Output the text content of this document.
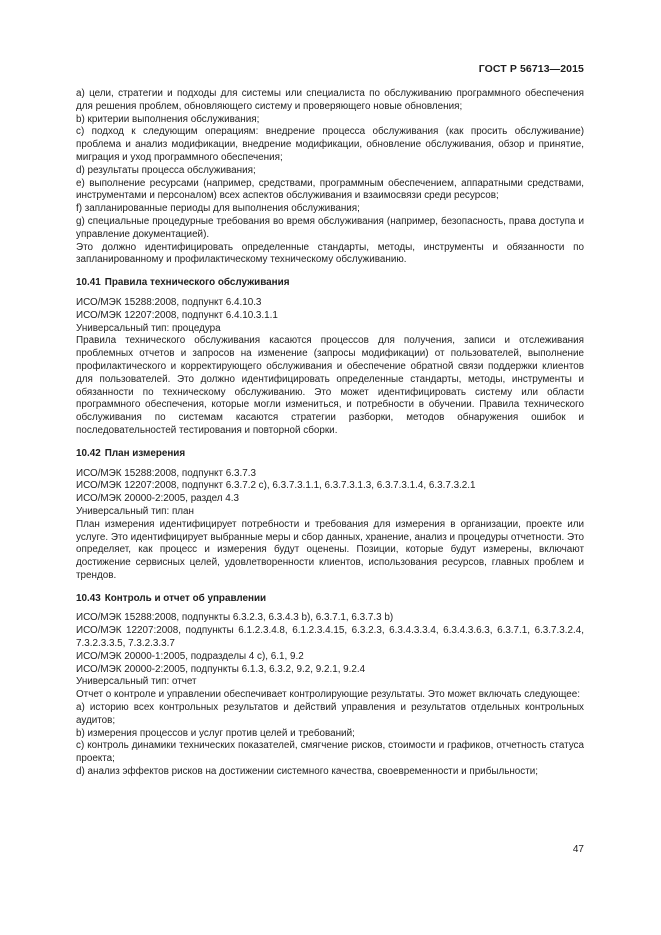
ГОСТ Р 56713—2015

а) цели, стратегии и подходы для системы или специалиста по обслуживанию программного обеспечения для решения проблем, обновляющего систему и проверяющего новые обновления;

b) критерии выполнения обслуживания;

c) подход к следующим операциям: внедрение процесса обслуживания (как просить обслуживание) проблема и анализ модификации, внедрение модификации, обновление обслуживания, обзор и принятие, миграция и уход программного обеспечения;

d) результаты процесса обслуживания;

e) выполнение ресурсами (например, средствами, программным обеспечением, аппаратными средствами, инструментами и персоналом) всех аспектов обслуживания и взаимосвязи среди ресурсов;

f) запланированные периоды для выполнения обслуживания;

g) специальные процедурные требования во время обслуживания (например, безопасность, права доступа и управление документацией).

Это должно идентифицировать определенные стандарты, методы, инструменты и обязанности по запланированному и профилактическому техническому обслуживанию.

10.41 Правила технического обслуживания

ИСО/МЭК 15288:2008, подпункт 6.4.10.3

ИСО/МЭК 12207:2008, подпункт 6.4.10.3.1.1

Универсальный тип: процедура

Правила технического обслуживания касаются процессов для получения, записи и отслеживания проблемных отчетов и запросов на изменение (запросы модификации) от пользователей, выполнение профилактического и корректирующего обслуживания и обеспечение обратной связи поддержки клиентов для пользователей. Это должно идентифицировать определенные стандарты, методы, инструменты и обязанности по техническому обслуживанию. Это может идентифицировать систему или области программного обеспечения, которые могли измениться, и потребности в обучении. Правила технического обслуживания по системам касаются стратегии разборки, методов обнаружения ошибок и последовательностей тестирования и повторной сборки.

10.42 План измерения

ИСО/МЭК 15288:2008, подпункт 6.3.7.3

ИСО/МЭК 12207:2008, подпункт 6.3.7.2 с), 6.3.7.3.1.1, 6.3.7.3.1.3, 6.3.7.3.1.4, 6.3.7.3.2.1

ИСО/МЭК 20000-2:2005, раздел 4.3

Универсальный тип: план

План измерения идентифицирует потребности и требования для измерения в организации, проекте или услуге. Это идентифицирует выбранные меры и сбор данных, хранение, анализ и процедуры отчетности. Это определяет, как процесс и измерения будут оценены. Позиции, которые будут измерены, включают достижение сервисных целей, удовлетворенности клиентов, использования ресурсов, главных проблем и трендов.

10.43 Контроль и отчет об управлении

ИСО/МЭК 15288:2008, подпункты 6.3.2.3, 6.3.4.3 b), 6.3.7.1, 6.3.7.3 b)

ИСО/МЭК 12207:2008, подпункты 6.1.2.3.4.8, 6.1.2.3.4.15, 6.3.2.3, 6.3.4.3.3.4, 6.3.4.3.6.3, 6.3.7.1, 6.3.7.3.2.4, 7.3.2.3.3.5, 7.3.2.3.3.7

ИСО/МЭК 20000-1:2005, подразделы 4 с), 6.1, 9.2

ИСО/МЭК 20000-2:2005, подпункты 6.1.3, 6.3.2, 9.2, 9.2.1, 9.2.4

Универсальный тип: отчет

Отчет о контроле и управлении обеспечивает контролирующие результаты. Это может включать следующее:

а) историю всех контрольных результатов и действий управления и результатов отдельных контрольных аудитов;

b) измерения процессов и услуг против целей и требований;

c) контроль динамики технических показателей, смягчение рисков, стоимости и графиков, отчетность статуса проекта;

d) анализ эффектов рисков на достижении системного качества, своевременности и прибыльности;

47
